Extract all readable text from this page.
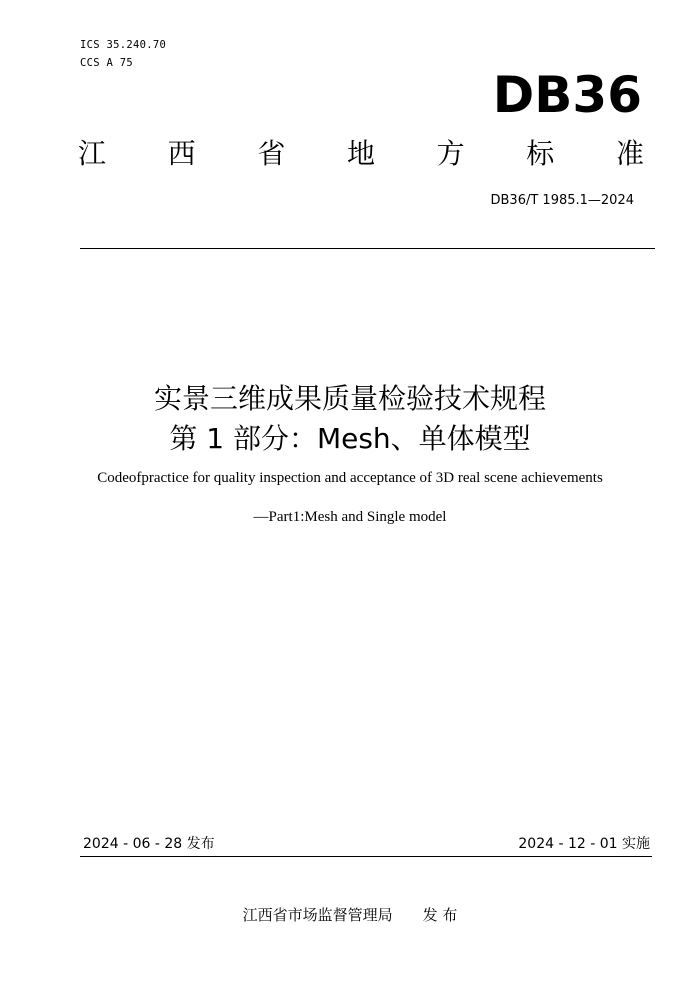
ICS 35.240.70
CCS A 75
DB36
江 西 省 地 方 标 准
DB36/T 1985.1—2024
实景三维成果质量检验技术规程
第 1 部分：Mesh、单体模型
Codeofpractice for quality inspection and acceptance of 3D real scene achievements
—Part1:Mesh and Single model
2024 - 06 - 28 发布	2024 - 12 - 01 实施
江西省市场监督管理局 发 布
